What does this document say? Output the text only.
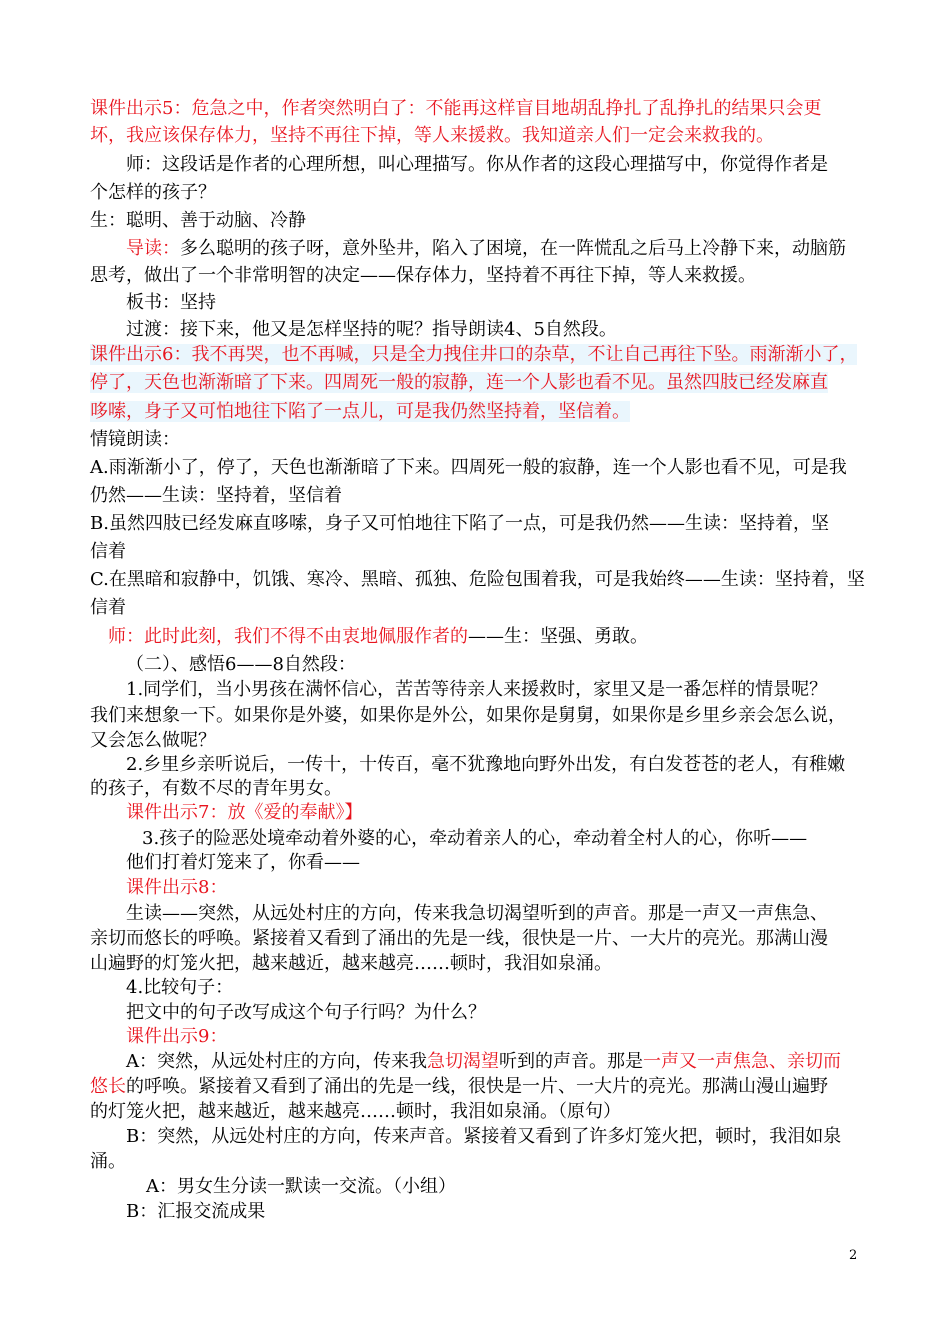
课件出示5：危急之中，作者突然明白了：不能再这样盲目地胡乱挣扎了乱挣扎的结果只会更
坏，我应该保存体力，坚持不再往下掉，等人来援救。我知道亲人们一定会来救我的。
师：这段话是作者的心理所想，叫心理描写。你从作者的这段心理描写中，你觉得作者是
个怎样的孩子？
生：聪明、善于动脑、冷静
导读：多么聪明的孩子呀，意外坠井，陷入了困境，在一阵慌乱之后马上冷静下来，动脑筋
思考，做出了一个非常明智的决定——保存体力，坚持着不再往下掉，等人来救援。
板书：坚持
过渡：接下来，他又是怎样坚持的呢？指导朗读4、5自然段。
课件出示6：我不再哭，也不再喊，只是全力拽住井口的杂草，不让自己再往下坠。雨渐渐小了，
停了，天色也渐渐暗了下来。四周死一般的寂静，连一个人影也看不见。虽然四肢已经发麻直
哆嗦，身子又可怕地往下陷了一点儿，可是我仍然坚持着，坚信着。
情镜朗读：
A.雨渐渐小了，停了，天色也渐渐暗了下来。四周死一般的寂静，连一个人影也看不见，可是我
仍然——生读：坚持着，坚信着
B.虽然四肢已经发麻直哆嗦，身子又可怕地往下陷了一点，可是我仍然——生读：坚持着，坚
信着
C.在黑暗和寂静中，饥饿、寒冷、黑暗、孤独、危险包围着我，可是我始终——生读：坚持着，坚
信着
师：此时此刻，我们不得不由衷地佩服作者的——生：坚强、勇敢。
（二）、感悟6——8自然段：
1.同学们，当小男孩在满怀信心，苦苦等待亲人来援救时，家里又是一番怎样的情景呢？
我们来想象一下。如果你是外婆，如果你是外公，如果你是舅舅，如果你是乡里乡亲会怎么说，
又会怎么做呢？
2.乡里乡亲听说后，一传十，十传百，毫不犹豫地向野外出发，有白发苍苍的老人，有稚嫩
的孩子，有数不尽的青年男女。
课件出示7：放《爱的奉献》】
3.孩子的险恶处境牵动着外婆的心，牵动着亲人的心，牵动着全村人的心，你听——
他们打着灯笼来了，你看——
课件出示8：
生读——突然，从远处村庄的方向，传来我急切渴望听到的声音。那是一声又一声焦急、
亲切而悠长的呼唤。紧接着又看到了涌出的先是一线，很快是一片、一大片的亮光。那满山漫
山遍野的灯笼火把，越来越近，越来越亮……顿时，我泪如泉涌。
4.比较句子：
把文中的句子改写成这个句子行吗？为什么？
课件出示9：
A：突然，从远处村庄的方向，传来我急切渴望听到的声音。那是一声又一声焦急、亲切而
悠长的呼唤。紧接着又看到了涌出的先是一线，很快是一片、一大片的亮光。那满山漫山遍野
的灯笼火把，越来越近，越来越亮……顿时，我泪如泉涌。（原句）
B：突然，从远处村庄的方向，传来声音。紧接着又看到了许多灯笼火把，顿时，我泪如泉
涌。
A：男女生分读一默读一交流。（小组）
B：汇报交流成果
2
